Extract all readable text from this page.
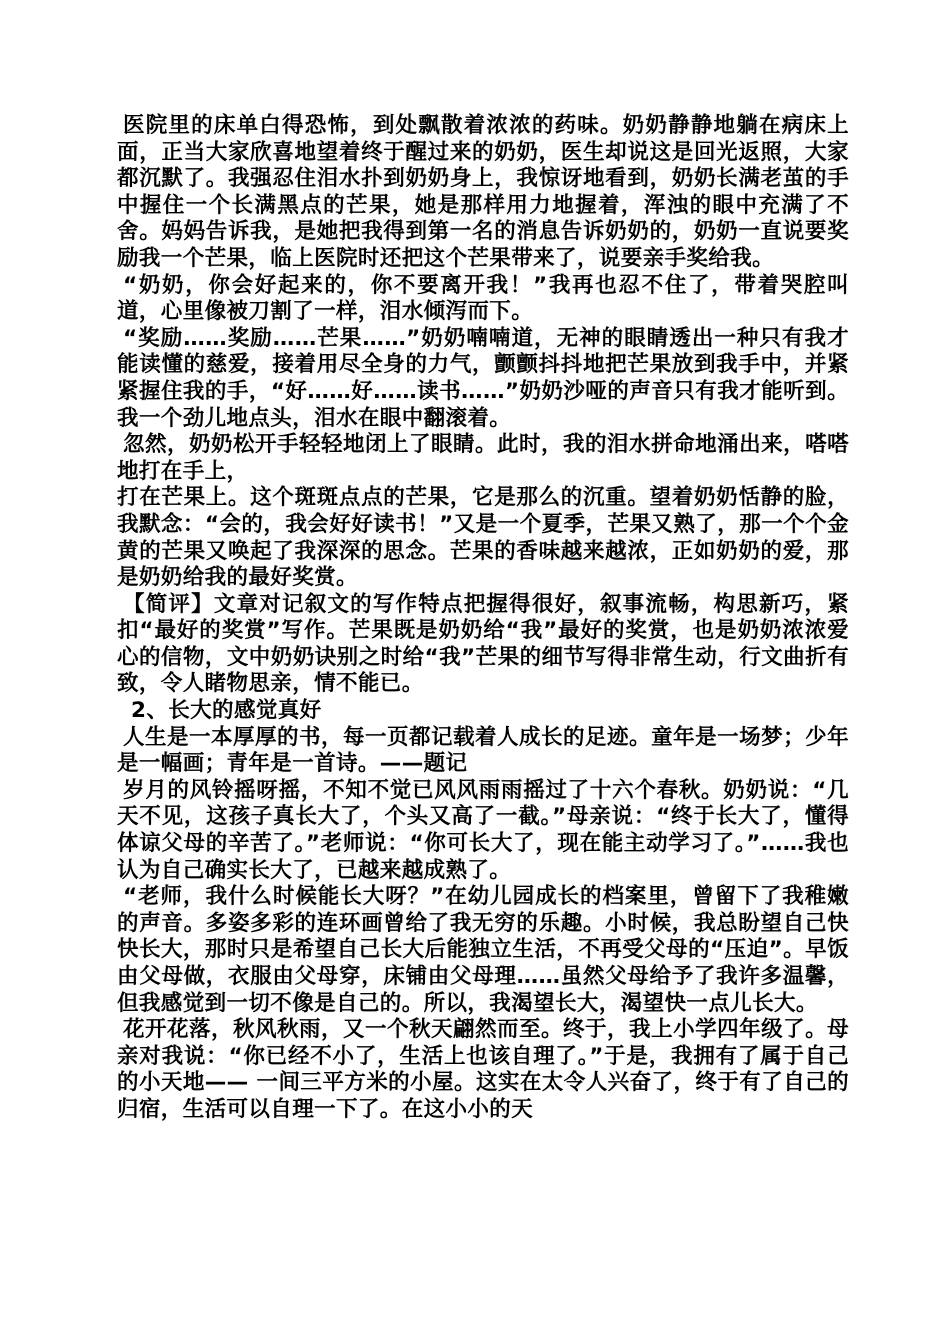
医院里的床单白得恐怖，到处飘散着浓浓的药味。奶奶静静地躺在病床上面，正当大家欣喜地望着终于醒过来的奶奶，医生却说这是回光返照，大家都沉默了。我强忍住泪水扑到奶奶身上，我惊讶地看到，奶奶长满老茧的手中握住一个长满黑点的芒果，她是那样用力地握着，浑浊的眼中充满了不舍。妈妈告诉我，是她把我得到第一名的消息告诉奶奶的，奶奶一直说要奖励我一个芒果，临上医院时还把这个芒果带来了，说要亲手奖给我。

“奶奶，你会好起来的，你不要离开我！”我再也忍不住了，带着哭腔叫道，心里像被刀割了一样，泪水倾泻而下。

“奖励……奖励……芒果……”奶奶喃喃道，无神的眼睛透出一种只有我才能读懂的慈爱，接着用尽全身的力气，颤颤抖抖地把芒果放到我手中，并紧紧握住我的手，“好……好……读书……”奶奶沙哑的声音只有我才能听到。我一个劲儿地点头，泪水在眼中翻滚着。

忽然，奶奶松开手轻轻地闭上了眼睛。此时，我的泪水拼命地涌出来，嗒嗒地打在手上，

打在芒果上。这个斑斑点点的芒果，它是那么的沉重。望着奶奶恬静的脸，我默念：“会的，我会好好读书！”又是一个夏季，芒果又熟了，那一个个金黄的芒果又唤起了我深深的思念。芒果的香味越来越浓，正如奶奶的爱，那是奶奶给我的最好奖赏。

【简评】文章对记叙文的写作特点把握得很好，叙事流畅，构思新巧，紧扣“最好的奖赏”写作。芒果既是奶奶给“我”最好的奖赏，也是奶奶浓浓爱心的信物，文中奶奶诀别之时给“我”芒果的细节写得非常生动，行文曲折有致，令人睹物思亲，情不能已。

2、长大的感觉真好

人生是一本厚厚的书，每一页都记载着人成长的足迹。童年是一场梦；少年是一幅画；青年是一首诗。——题记

岁月的风铃摇呀摇，不知不觉已风风雨雨摇过了十六个春秋。奶奶说：“几天不见，这孩子真长大了，个头又高了一截。”母亲说：“终于长大了，懂得体谅父母的辛苦了。”老师说：“你可长大了，现在能主动学习了。”……我也认为自己确实长大了，已越来越成熟了。

“老师，我什么时候能长大呀？”在幼儿园成长的档案里，曾留下了我稚嫩的声音。多姿多彩的连环画曾给了我无穷的乐趣。小时候，我总盼望自己快快长大，那时只是希望自己长大后能独立生活，不再受父母的“压迫”。早饭由父母做，衣服由父母穿，床铺由父母理……虽然父母给予了我许多温馨，但我感觉到一切不像是自己的。所以，我渴望长大，渴望快一点儿长大。

花开花落，秋风秋雨，又一个秋天翩然而至。终于，我上小学四年级了。母亲对我说：“你已经不小了，生活上也该自理了。”于是，我拥有了属于自己的小天地—— 一间三平方米的小屋。这实在太令人兴奋了，终于有了自己的归宿，生活可以自理一下了。在这小小的天
